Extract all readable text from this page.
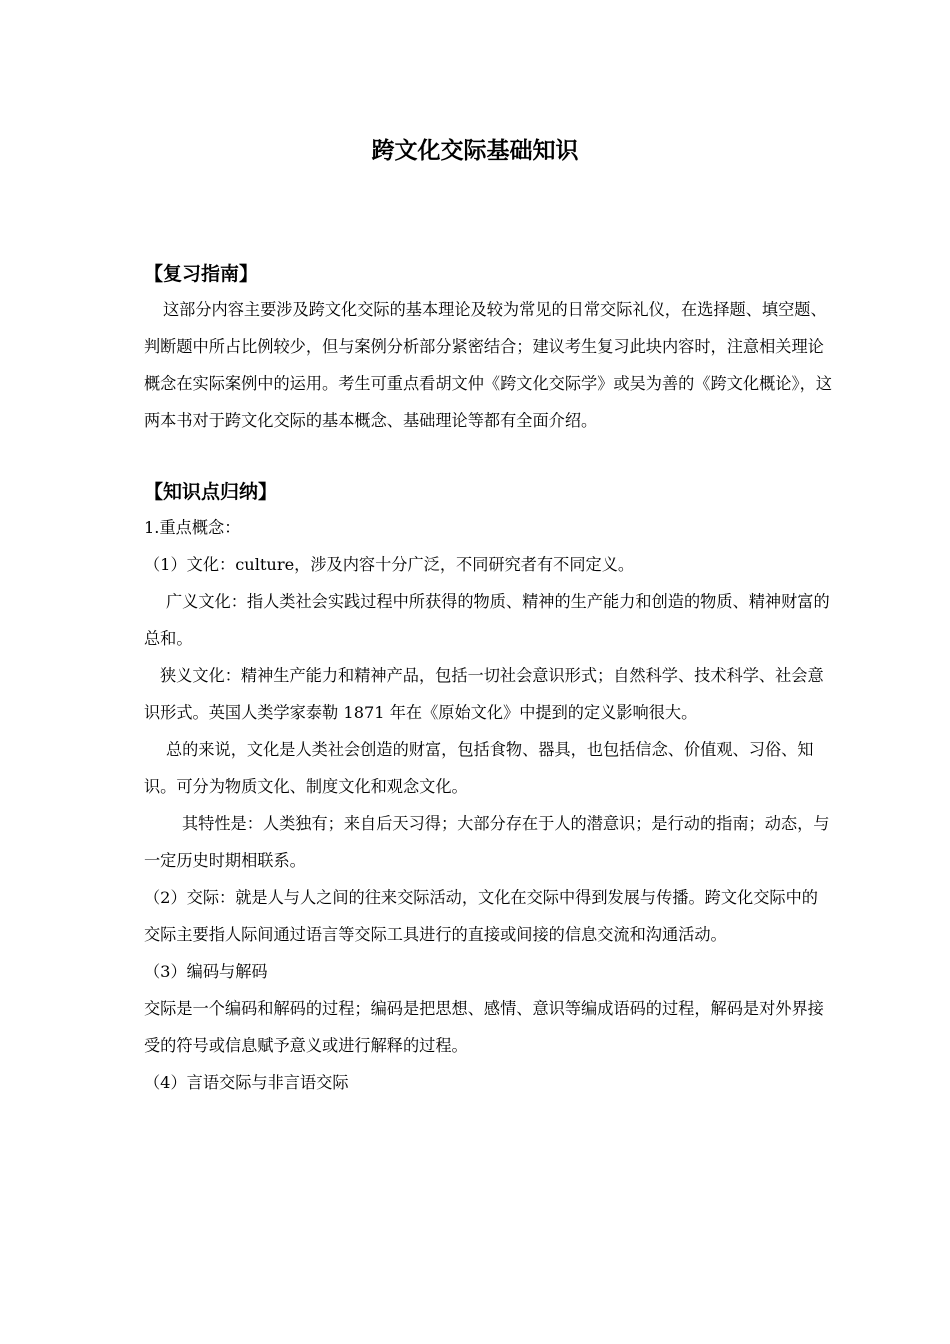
跨文化交际基础知识
【复习指南】

这部分内容主要涉及跨文化交际的基本理论及较为常见的日常交际礼仪，在选择题、填空题、判断题中所占比例较少，但与案例分析部分紧密结合；建议考生复习此块内容时，注意相关理论概念在实际案例中的运用。考生可重点看胡文仲《跨文化交际学》或吴为善的《跨文化概论》，这两本书对于跨文化交际的基本概念、基础理论等都有全面介绍。

【知识点归纳】

1.重点概念：

（1）文化：culture，涉及内容十分广泛，不同研究者有不同定义。

广义文化：指人类社会实践过程中所获得的物质、精神的生产能力和创造的物质、精神财富的总和。

狭义文化：精神生产能力和精神产品，包括一切社会意识形式；自然科学、技术科学、社会意识形式。英国人类学家泰勒 1871 年在《原始文化》中提到的定义影响很大。

总的来说，文化是人类社会创造的财富，包括食物、器具，也包括信念、价值观、习俗、知识。可分为物质文化、制度文化和观念文化。

其特性是：人类独有；来自后天习得；大部分存在于人的潜意识；是行动的指南；动态，与一定历史时期相联系。

（2）交际：就是人与人之间的往来交际活动，文化在交际中得到发展与传播。跨文化交际中的交际主要指人际间通过语言等交际工具进行的直接或间接的信息交流和沟通活动。

（3）编码与解码

交际是一个编码和解码的过程；编码是把思想、感情、意识等编成语码的过程，解码是对外界接受的符号或信息赋予意义或进行解释的过程。

（4）言语交际与非言语交际
